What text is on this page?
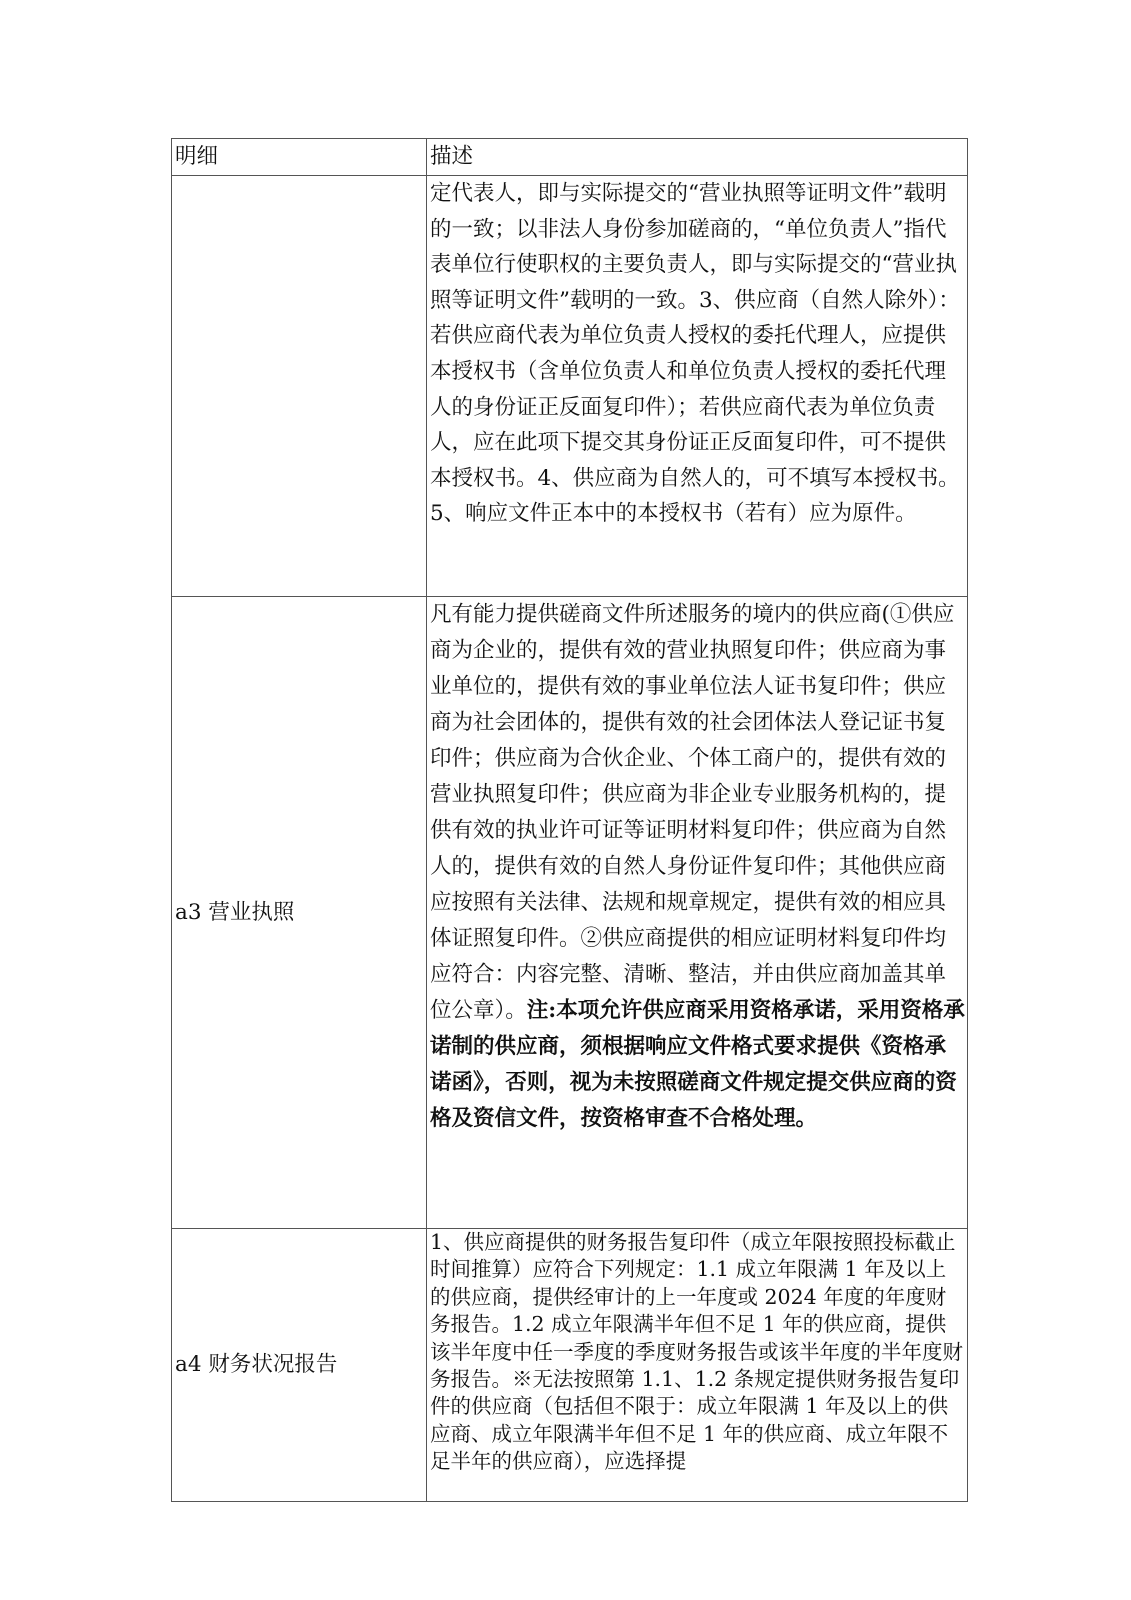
明细	描述
	定代表人，即与实际提交的“营业执照等证明文件”载明的一致；以非法人身份参加磋商的，“单位负责人”指代表单位行使职权的主要负责人，即与实际提交的“营业执照等证明文件”载明的一致。3、供应商（自然人除外）：若供应商代表为单位负责人授权的委托代理人，应提供本授权书（含单位负责人和单位负责人授权的委托代理人的身份证正反面复印件）；若供应商代表为单位负责人，应在此项下提交其身份证正反面复印件，可不提供本授权书。4、供应商为自然人的，可不填写本授权书。5、响应文件正本中的本授权书（若有）应为原件。
a3 营业执照	凡有能力提供磋商文件所述服务的境内的供应商(①供应商为企业的，提供有效的营业执照复印件；供应商为事业单位的，提供有效的事业单位法人证书复印件；供应商为社会团体的，提供有效的社会团体法人登记证书复印件；供应商为合伙企业、个体工商户的，提供有效的营业执照复印件；供应商为非企业专业服务机构的，提供有效的执业许可证等证明材料复印件；供应商为自然人的，提供有效的自然人身份证件复印件；其他供应商应按照有关法律、法规和规章规定，提供有效的相应具体证照复印件。②供应商提供的相应证明材料复印件均应符合：内容完整、清晰、整洁，并由供应商加盖其单位公章）。注:本项允许供应商采用资格承诺，采用资格承诺制的供应商，须根据响应文件格式要求提供《资格承诺函》，否则，视为未按照磋商文件规定提交供应商的资格及资信文件，按资格审查不合格处理。
a4 财务状况报告	1、供应商提供的财务报告复印件（成立年限按照投标截止时间推算）应符合下列规定：1.1 成立年限满 1 年及以上的供应商，提供经审计的上一年度或 2024 年度的年度财务报告。1.2 成立年限满半年但不足 1 年的供应商，提供该半年度中任一季度的季度财务报告或该半年度的半年度财务报告。※无法按照第 1.1、1.2 条规定提供财务报告复印件的供应商（包括但不限于：成立年限满 1 年及以上的供应商、成立年限满半年但不足 1 年的供应商、成立年限不足半年的供应商），应选择提
